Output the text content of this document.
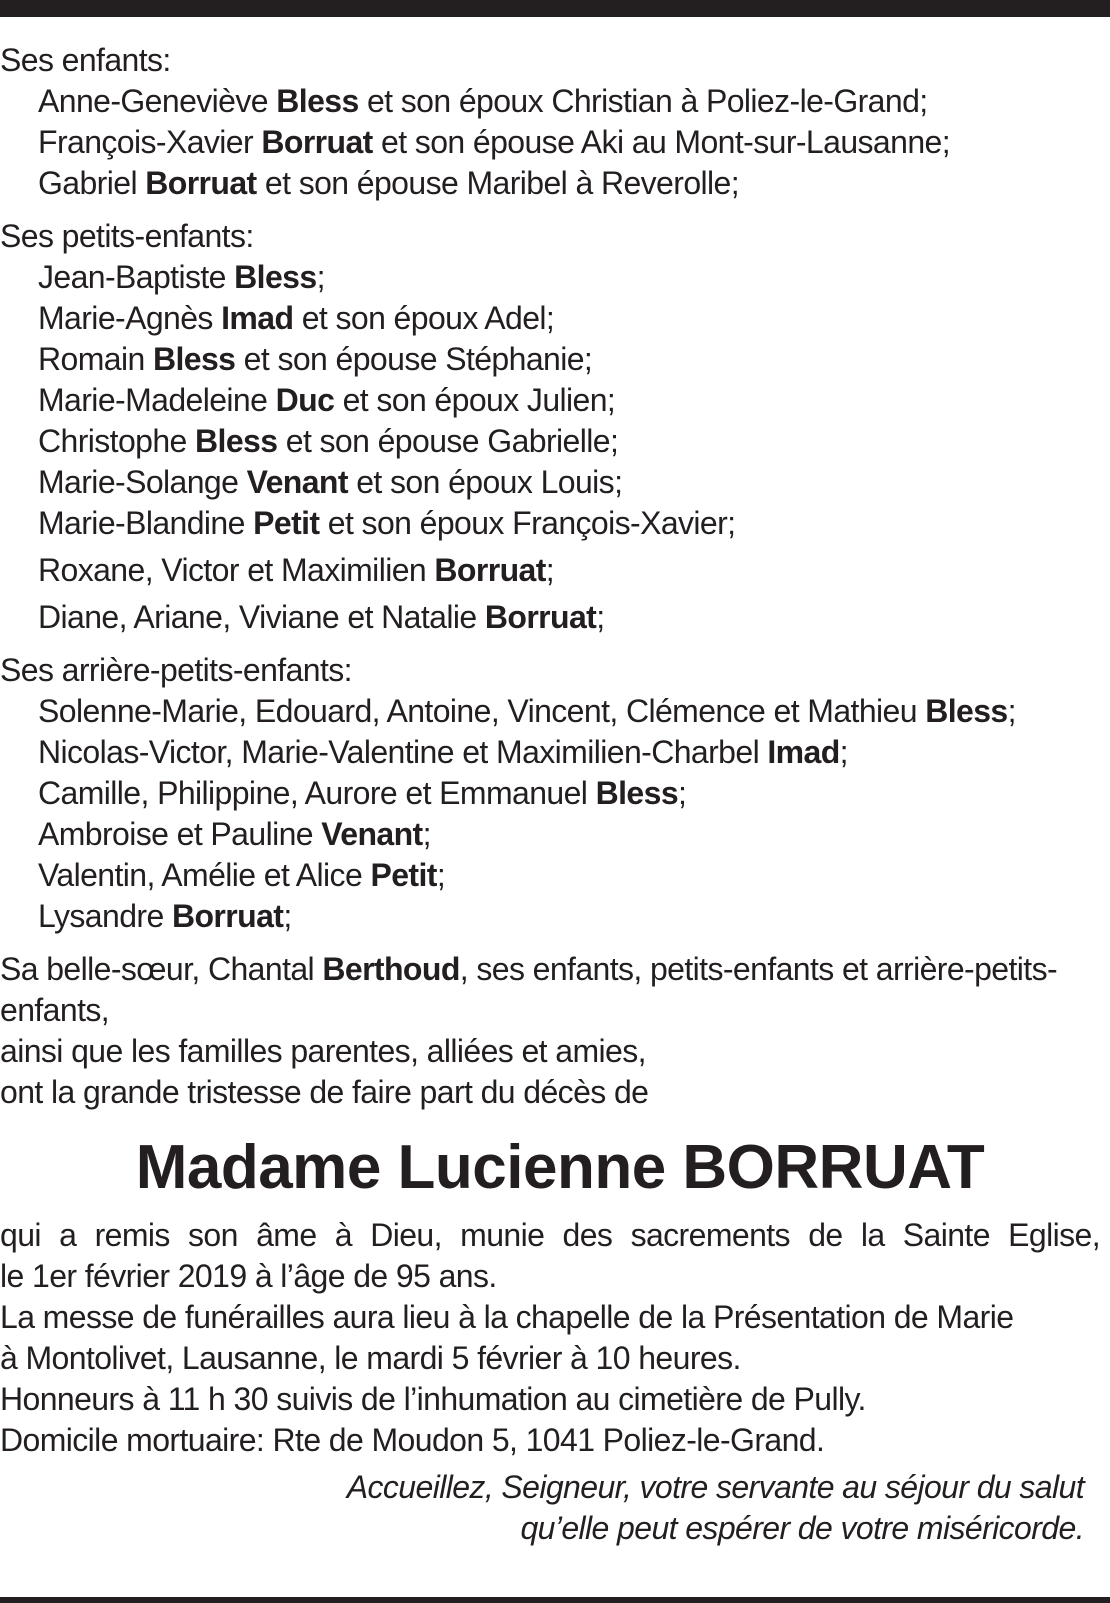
Ses enfants:
Anne-Geneviève Bless et son époux Christian à Poliez-le-Grand;
François-Xavier Borruat et son épouse Aki au Mont-sur-Lausanne;
Gabriel Borruat et son épouse Maribel à Reverolle;
Ses petits-enfants:
Jean-Baptiste Bless;
Marie-Agnès Imad et son époux Adel;
Romain Bless et son épouse Stéphanie;
Marie-Madeleine Duc et son époux Julien;
Christophe Bless et son épouse Gabrielle;
Marie-Solange Venant et son époux Louis;
Marie-Blandine Petit et son époux François-Xavier;
Roxane, Victor et Maximilien Borruat;
Diane, Ariane, Viviane et Natalie Borruat;
Ses arrière-petits-enfants:
Solenne-Marie, Edouard, Antoine, Vincent, Clémence et Mathieu Bless;
Nicolas-Victor, Marie-Valentine et Maximilien-Charbel Imad;
Camille, Philippine, Aurore et Emmanuel Bless;
Ambroise et Pauline Venant;
Valentin, Amélie et Alice Petit;
Lysandre Borruat;
Sa belle-sœur, Chantal Berthoud, ses enfants, petits-enfants et arrière-petits-enfants,
ainsi que les familles parentes, alliées et amies,
ont la grande tristesse de faire part du décès de
Madame Lucienne BORRUAT
qui a remis son âme à Dieu, munie des sacrements de la Sainte Eglise,
le 1er février 2019 à l’âge de 95 ans.
La messe de funérailles aura lieu à la chapelle de la Présentation de Marie
à Montolivet, Lausanne, le mardi 5 février à 10 heures.
Honneurs à 11 h 30 suivis de l’inhumation au cimetière de Pully.
Domicile mortuaire: Rte de Moudon 5, 1041 Poliez-le-Grand.
Accueillez, Seigneur, votre servante au séjour du salut
qu’elle peut espérer de votre miséricorde.
